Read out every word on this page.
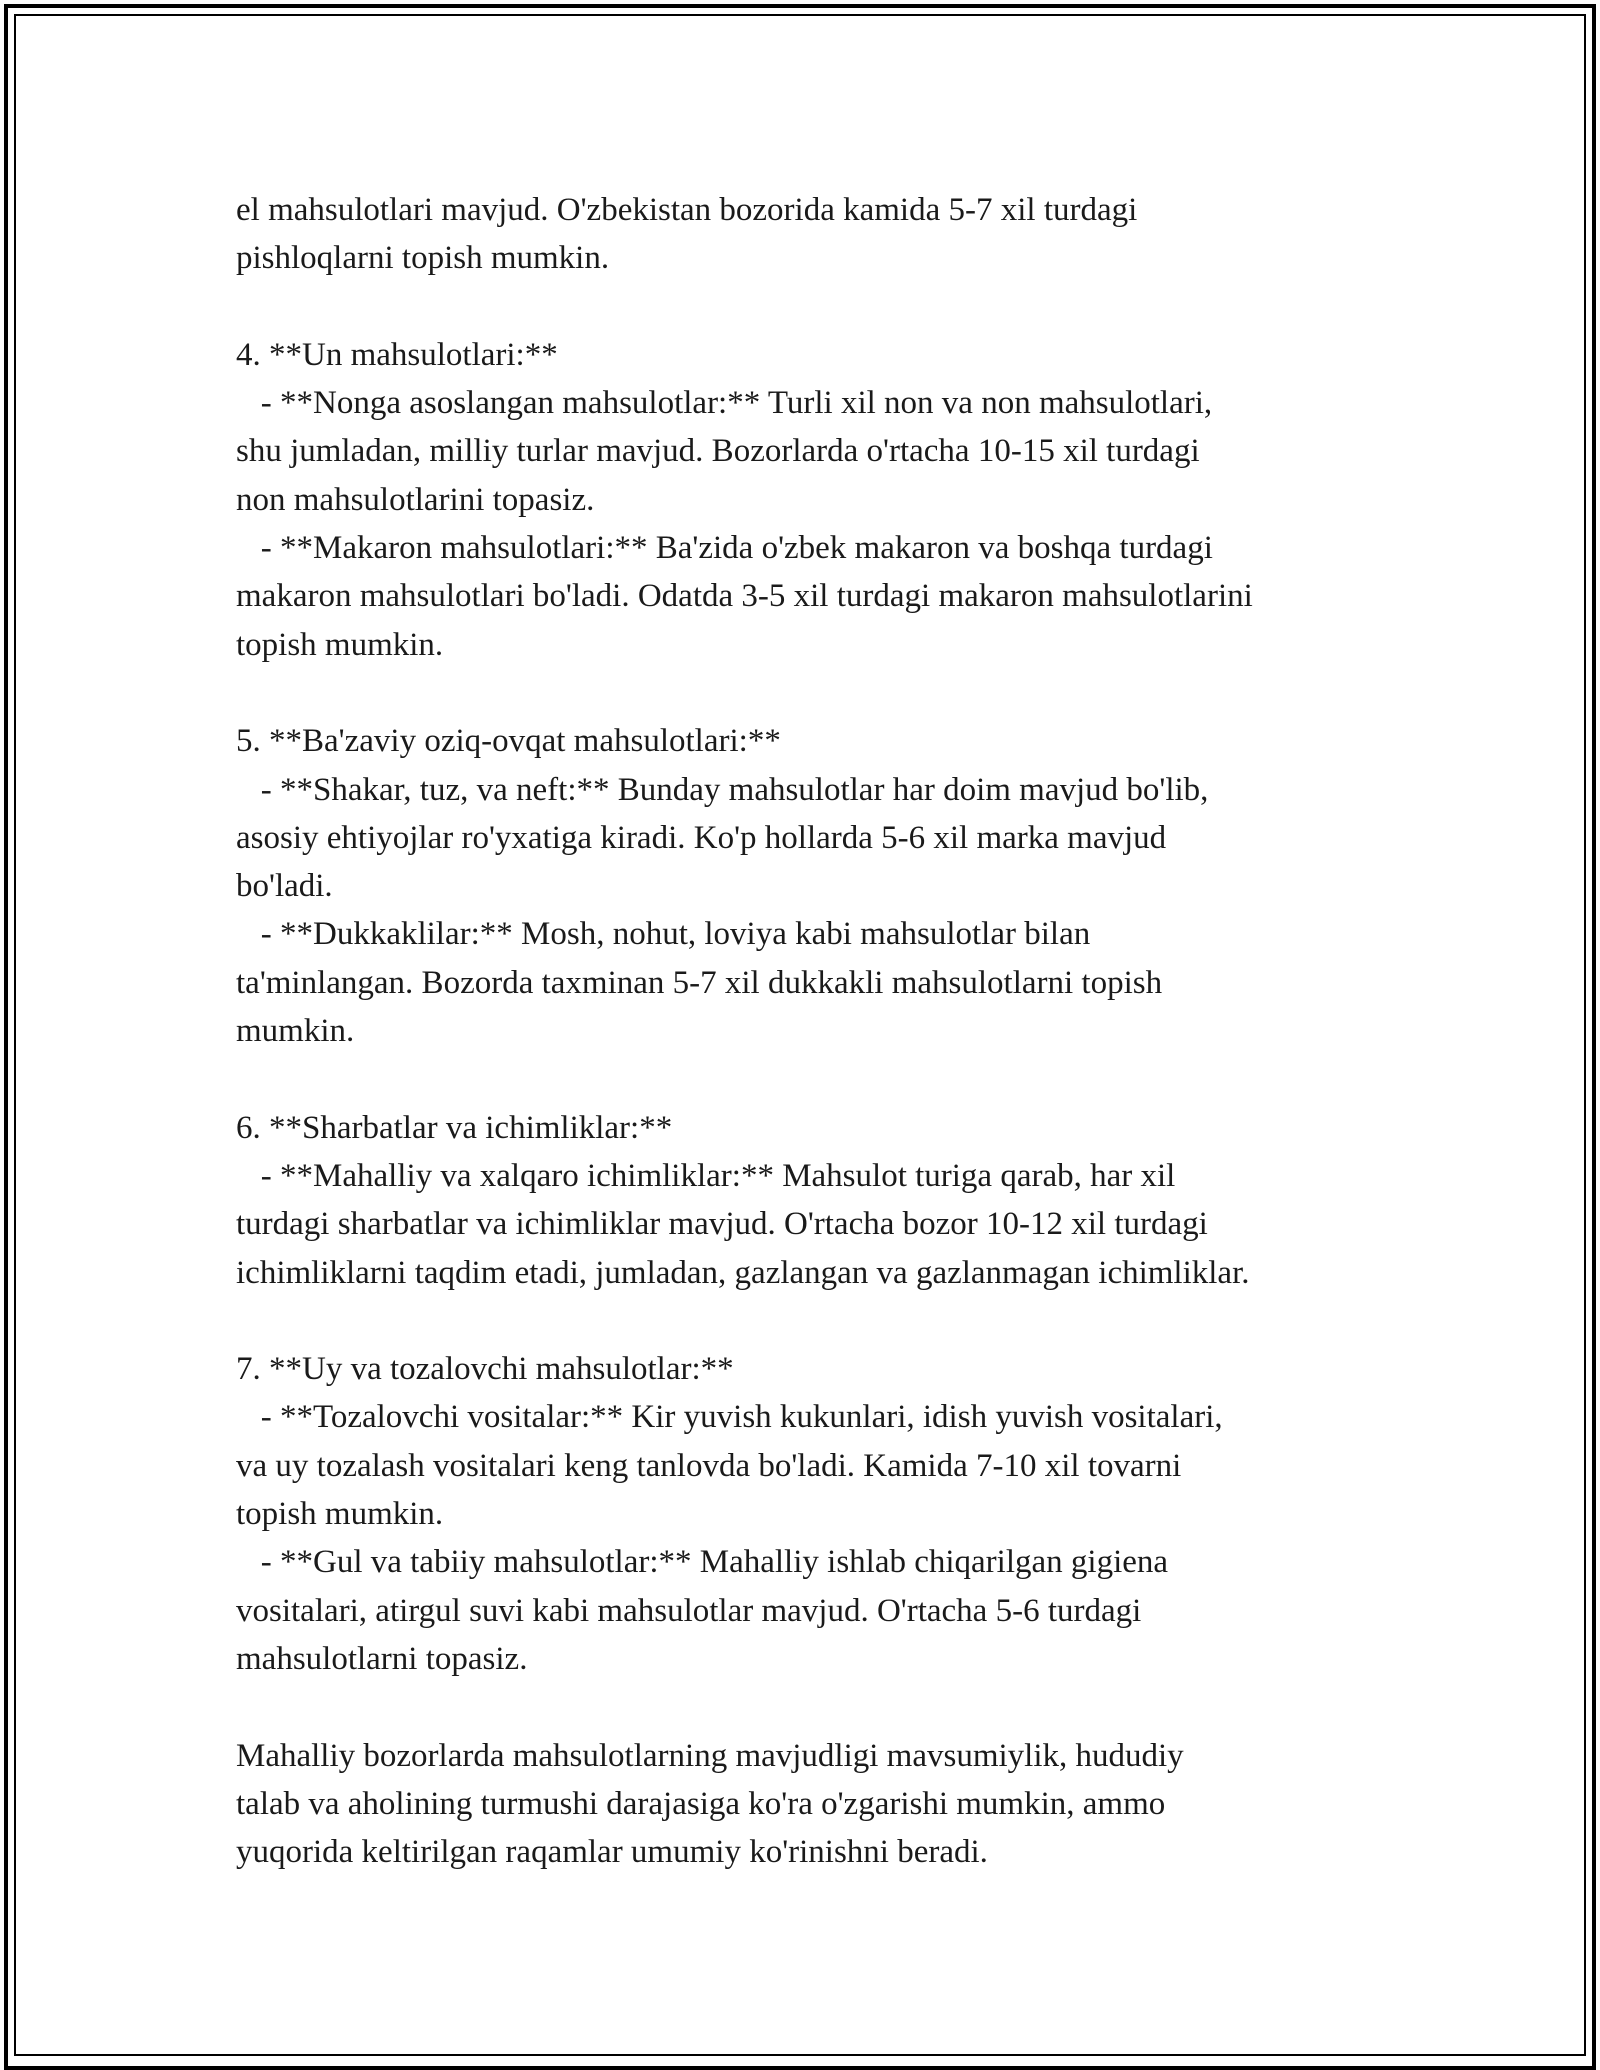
el mahsulotlari mavjud. O'zbekistan bozorida kamida 5-7 xil turdagi
pishloqlarni topish mumkin.
4. **Un mahsulotlari:**
- **Nonga asoslangan mahsulotlar:** Turli xil non va non mahsulotlari,
shu jumladan, milliy turlar mavjud. Bozorlarda o'rtacha 10-15 xil turdagi
non mahsulotlarini topasiz.
- **Makaron mahsulotlari:** Ba'zida o'zbek makaron va boshqa turdagi
makaron mahsulotlari bo'ladi. Odatda 3-5 xil turdagi makaron mahsulotlarini
topish mumkin.
5. **Ba'zaviy oziq-ovqat mahsulotlari:**
- **Shakar, tuz, va neft:** Bunday mahsulotlar har doim mavjud bo'lib,
asosiy ehtiyojlar ro'yxatiga kiradi. Ko'p hollarda 5-6 xil marka mavjud
bo'ladi.
- **Dukkaklilar:** Mosh, nohut, loviya kabi mahsulotlar bilan
ta'minlangan. Bozorda taxminan 5-7 xil dukkakli mahsulotlarni topish
mumkin.
6. **Sharbatlar va ichimliklar:**
- **Mahalliy va xalqaro ichimliklar:** Mahsulot turiga qarab, har xil
turdagi sharbatlar va ichimliklar mavjud. O'rtacha bozor 10-12 xil turdagi
ichimliklarni taqdim etadi, jumladan, gazlangan va gazlanmagan ichimliklar.
7. **Uy va tozalovchi mahsulotlar:**
- **Tozalovchi vositalar:** Kir yuvish kukunlari, idish yuvish vositalari,
va uy tozalash vositalari keng tanlovda bo'ladi. Kamida 7-10 xil tovarni
topish mumkin.
- **Gul va tabiiy mahsulotlar:** Mahalliy ishlab chiqarilgan gigiena
vositalari, atirgul suvi kabi mahsulotlar mavjud. O'rtacha 5-6 turdagi
mahsulotlarni topasiz.
Mahalliy bozorlarda mahsulotlarning mavjudligi mavsumiylik, hududiy
talab va aholining turmushi darajasiga ko'ra o'zgarishi mumkin, ammo
yuqorida keltirilgan raqamlar umumiy ko'rinishni beradi.
